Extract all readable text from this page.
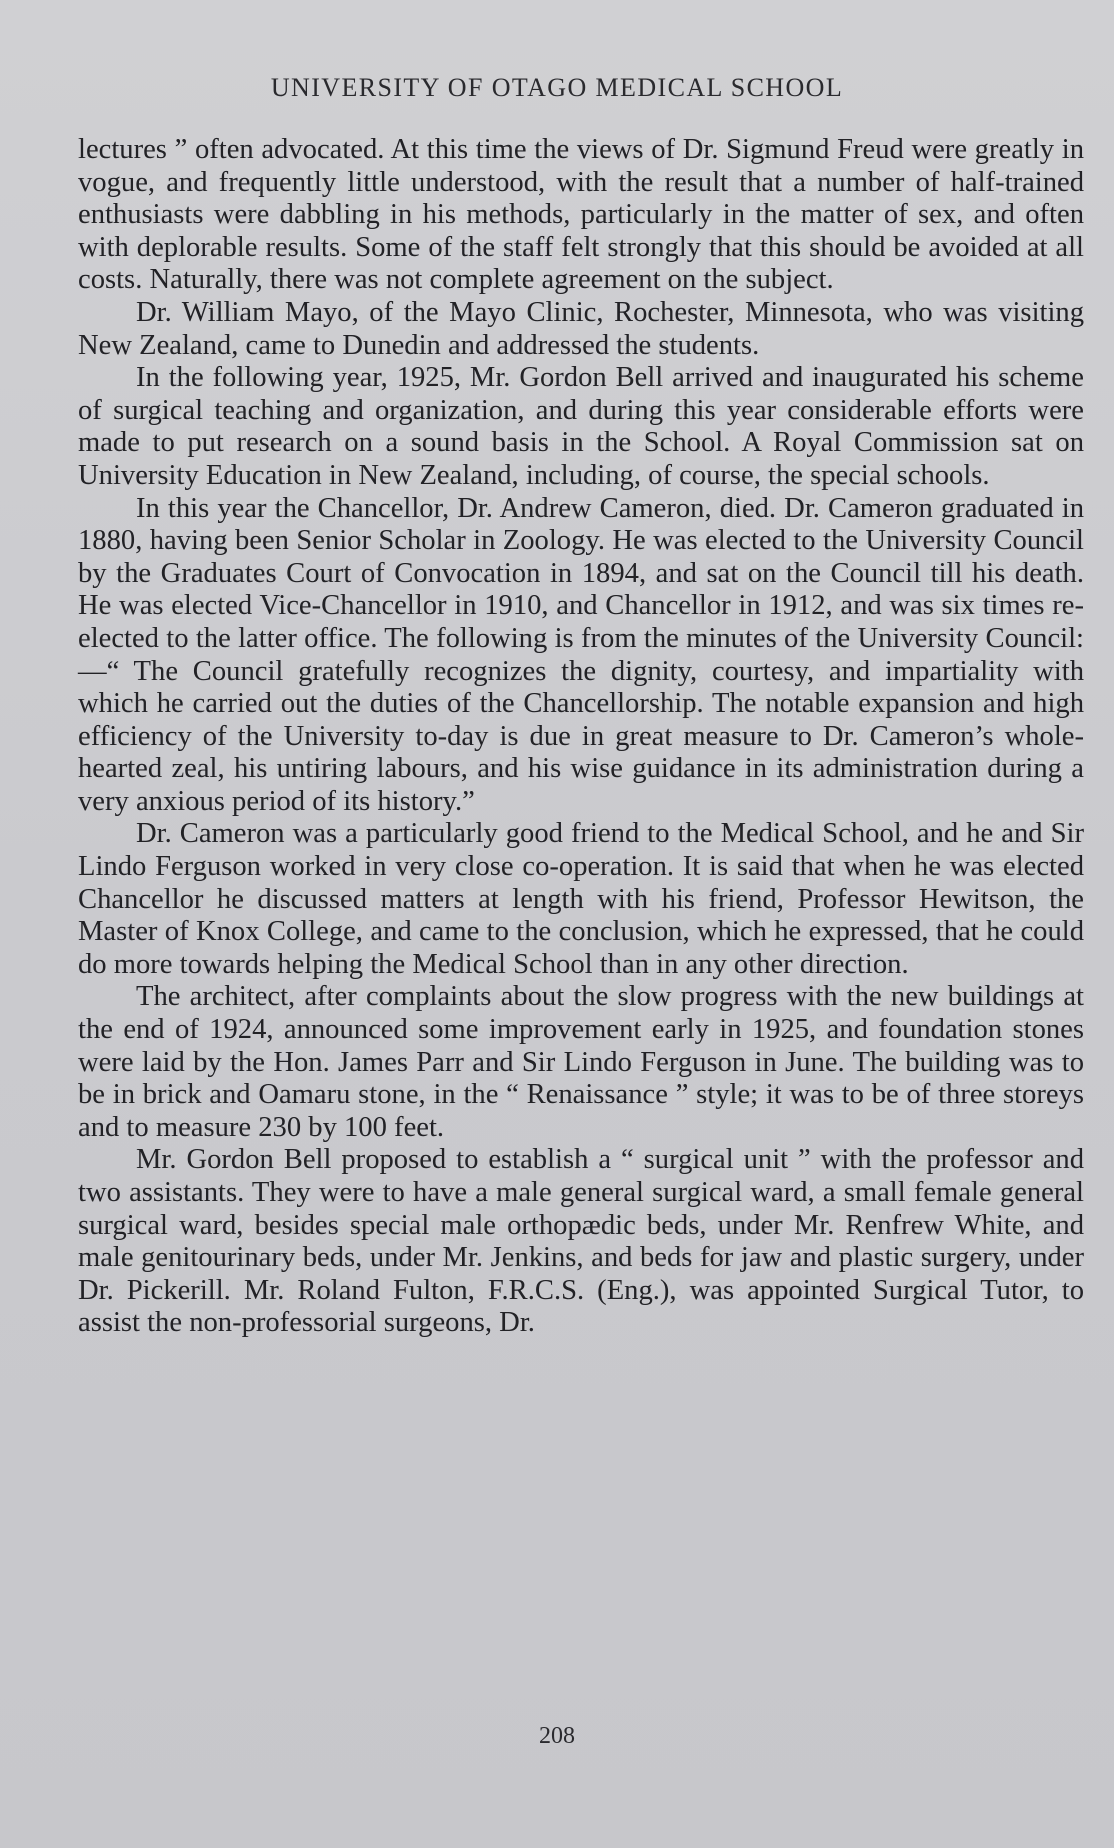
UNIVERSITY OF OTAGO MEDICAL SCHOOL

lectures ” often advocated. At this time the views of Dr. Sigmund Freud were greatly in vogue, and frequently little understood, with the result that a number of half-trained enthusiasts were dabbling in his methods, particularly in the matter of sex, and often with deplorable results. Some of the staff felt strongly that this should be avoided at all costs. Naturally, there was not complete agreement on the subject.

Dr. William Mayo, of the Mayo Clinic, Rochester, Minnesota, who was visiting New Zealand, came to Dunedin and addressed the students.

In the following year, 1925, Mr. Gordon Bell arrived and inaugurated his scheme of surgical teaching and organization, and during this year considerable efforts were made to put research on a sound basis in the School. A Royal Commission sat on University Education in New Zealand, including, of course, the special schools.

In this year the Chancellor, Dr. Andrew Cameron, died. Dr. Cameron graduated in 1880, having been Senior Scholar in Zoology. He was elected to the University Council by the Graduates Court of Convocation in 1894, and sat on the Council till his death. He was elected Vice-Chancellor in 1910, and Chancellor in 1912, and was six times re-elected to the latter office. The following is from the minutes of the University Council:—“ The Council gratefully recognizes the dignity, courtesy, and impartiality with which he carried out the duties of the Chancellorship. The notable expansion and high efficiency of the University to-day is due in great measure to Dr. Cameron’s whole-hearted zeal, his untiring labours, and his wise guidance in its administration during a very anxious period of its history.”

Dr. Cameron was a particularly good friend to the Medical School, and he and Sir Lindo Ferguson worked in very close co-operation. It is said that when he was elected Chancellor he discussed matters at length with his friend, Professor Hewitson, the Master of Knox College, and came to the conclusion, which he expressed, that he could do more towards helping the Medical School than in any other direction.

The architect, after complaints about the slow progress with the new buildings at the end of 1924, announced some improvement early in 1925, and foundation stones were laid by the Hon. James Parr and Sir Lindo Ferguson in June. The building was to be in brick and Oamaru stone, in the “ Renaissance ” style; it was to be of three storeys and to measure 230 by 100 feet.

Mr. Gordon Bell proposed to establish a “ surgical unit ” with the professor and two assistants. They were to have a male general surgical ward, a small female general surgical ward, besides special male orthopædic beds, under Mr. Renfrew White, and male genitourinary beds, under Mr. Jenkins, and beds for jaw and plastic surgery, under Dr. Pickerill. Mr. Roland Fulton, F.R.C.S. (Eng.), was appointed Surgical Tutor, to assist the non-professorial surgeons, Dr.

208
